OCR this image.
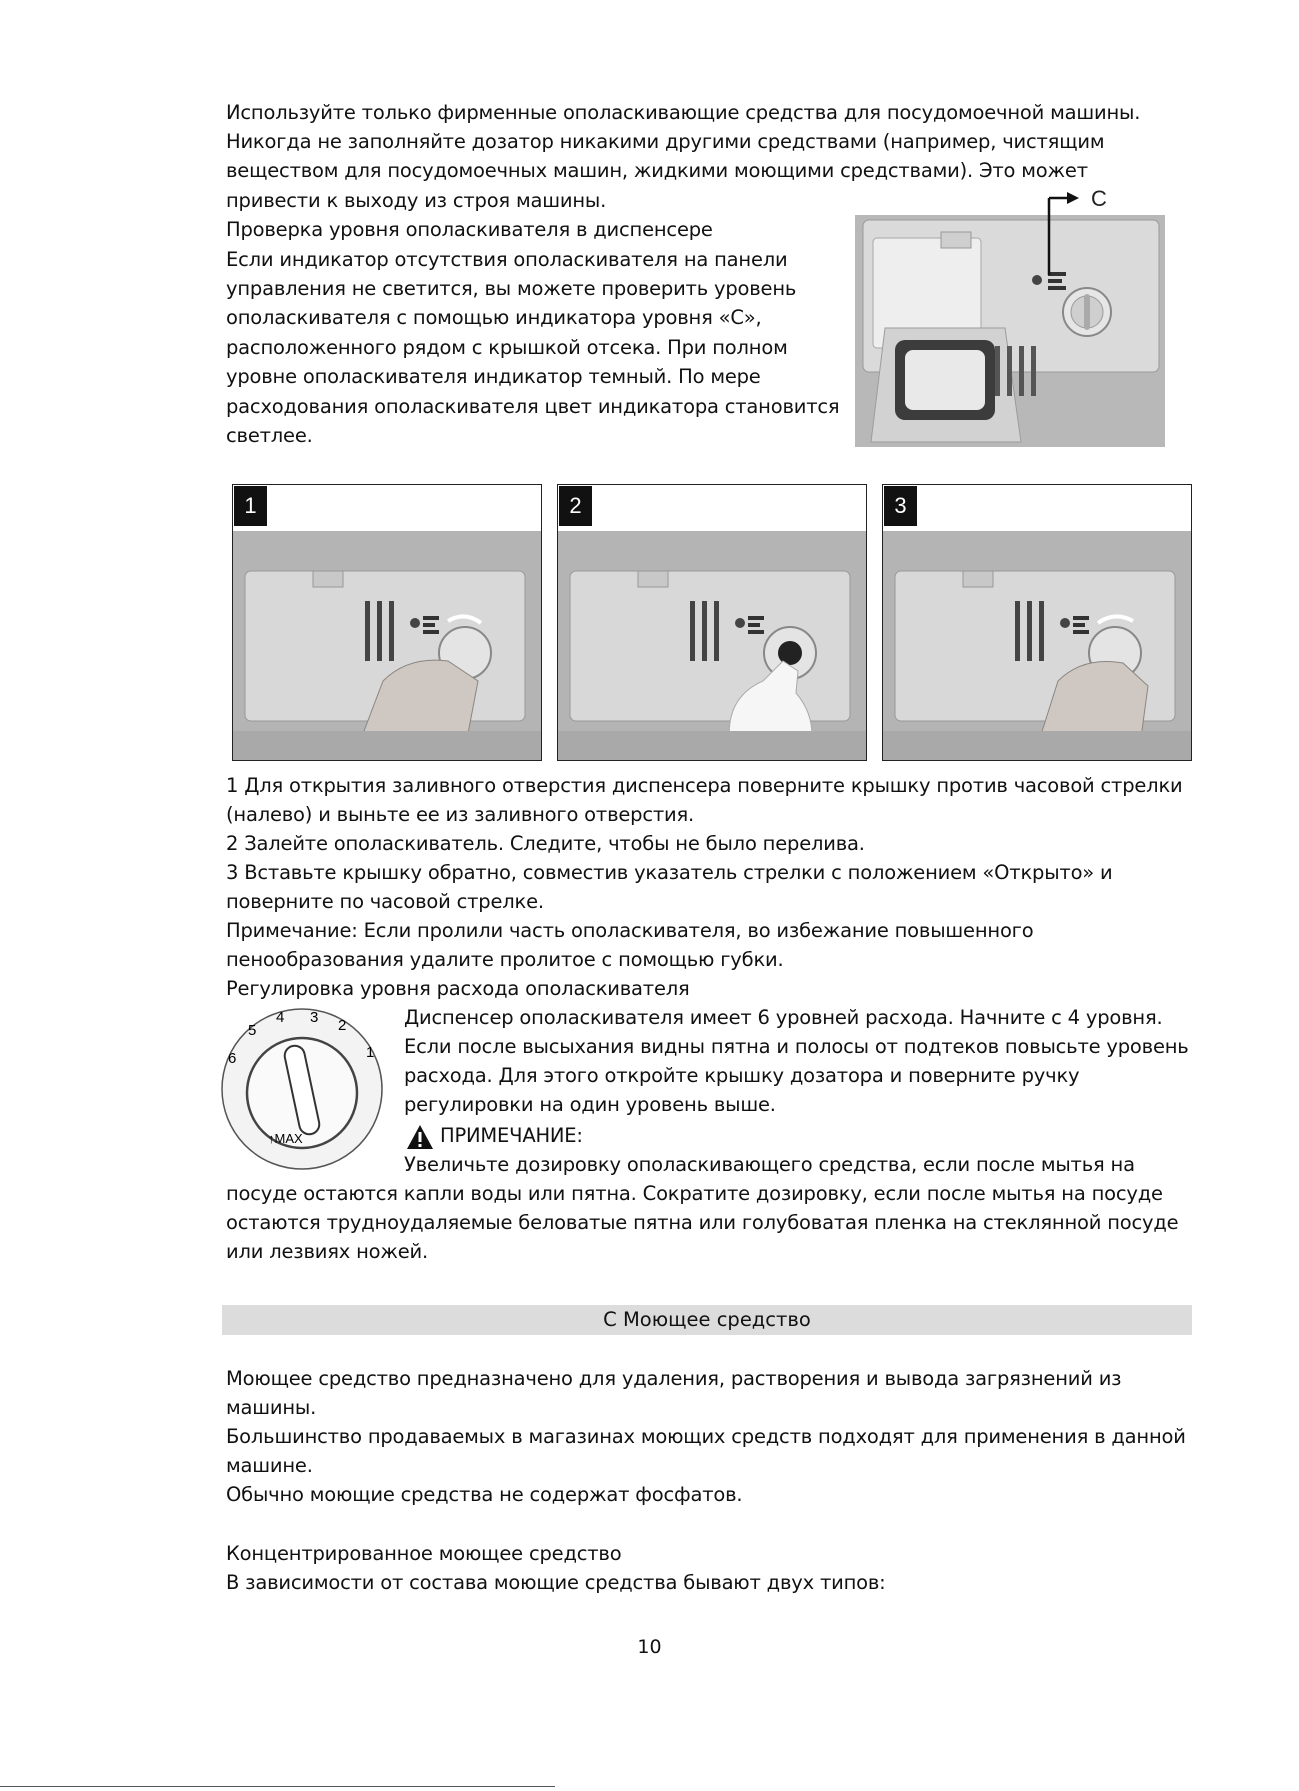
Используйте только фирменные ополаскивающие средства для посудомоечной машины.
Никогда не заполняйте дозатор никакими другими средствами (например, чистящим
веществом для посудомоечных машин, жидкими моющими средствами). Это может
привести к выходу из строя машины.
Проверка уровня ополаскивателя в диспенсере
Если индикатор отсутствия ополаскивателя на панели
управления не светится, вы можете проверить уровень
ополаскивателя с помощью индикатора уровня «С»,
расположенного рядом с крышкой отсека. При полном
уровне ополаскивателя индикатор темный. По мере
расходования ополаскивателя цвет индикатора становится
светлее.
C
1	2	3
1 Для открытия заливного отверстия диспенсера поверните крышку против часовой стрелки
(налево) и выньте ее из заливного отверстия.
2 Залейте ополаскиватель. Следите, чтобы не было перелива.
3 Вставьте крышку обратно, совместив указатель стрелки с положением «Открыто» и
поверните по часовой стрелке.
Примечание: Если пролили часть ополаскивателя, во избежание повышенного
пенообразования удалите пролитое с помощью губки.
Регулировка уровня расхода ополаскивателя
1
2
3
4
5
6
↑MAX
Диспенсер ополаскивателя имеет 6 уровней расхода. Начните с 4 уровня.
Если после высыхания видны пятна и полосы от подтеков повысьте уровень
расхода. Для этого откройте крышку дозатора и поверните ручку
регулировки на один уровень выше.
ПРИМЕЧАНИЕ:
Увеличьте дозировку ополаскивающего средства, если после мытья на
посуде остаются капли воды или пятна. Сократите дозировку, если после мытья на посуде
остаются трудноудаляемые беловатые пятна или голубоватая пленка на стеклянной посуде
или лезвиях ножей.
C Моющее средство
Моющее средство предназначено для удаления, растворения и вывода загрязнений из
машины.
Большинство продаваемых в магазинах моющих средств подходят для применения в данной
машине.
Обычно моющие средства не содержат фосфатов.
Концентрированное моющее средство
В зависимости от состава моющие средства бывают двух типов:
10
